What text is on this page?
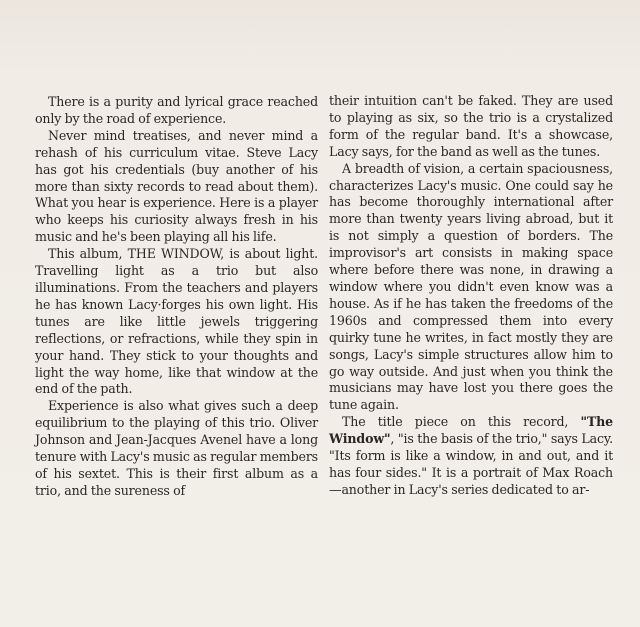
There is a purity and lyrical grace reached only by the road of experience.

Never mind treatises, and never mind a rehash of his curriculum vitae. Steve Lacy has got his credentials (buy another of his more than sixty records to read about them). What you hear is experience. Here is a player who keeps his curiosity always fresh in his music and he's been playing all his life.

This album, THE WINDOW, is about light. Travelling light as a trio but also illuminations. From the teachers and players he has known Lacy·forges his own light. His tunes are like little jewels triggering reflections, or refractions, while they spin in your hand. They stick to your thoughts and light the way home, like that window at the end of the path.

Experience is also what gives such a deep equilibrium to the playing of this trio. Oliver Johnson and Jean-Jacques Avenel have a long tenure with Lacy's music as regular members of his sextet. This is their first album as a trio, and the sureness of

their intuition can't be faked. They are used to playing as six, so the trio is a crystalized form of the regular band. It's a showcase, Lacy says, for the band as well as the tunes.

A breadth of vision, a certain spaciousness, characterizes Lacy's music. One could say he has become thoroughly international after more than twenty years living abroad, but it is not simply a question of borders. The improvisor's art consists in making space where before there was none, in drawing a window where you didn't even know was a house. As if he has taken the freedoms of the 1960s and compressed them into every quirky tune he writes, in fact mostly they are songs, Lacy's simple structures allow him to go way outside. And just when you think the musicians may have lost you there goes the tune again.

The title piece on this record, "The Window", "is the basis of the trio," says Lacy. "Its form is like a window, in and out, and it has four sides." It is a portrait of Max Roach —another in Lacy's series dedicated to ar-
